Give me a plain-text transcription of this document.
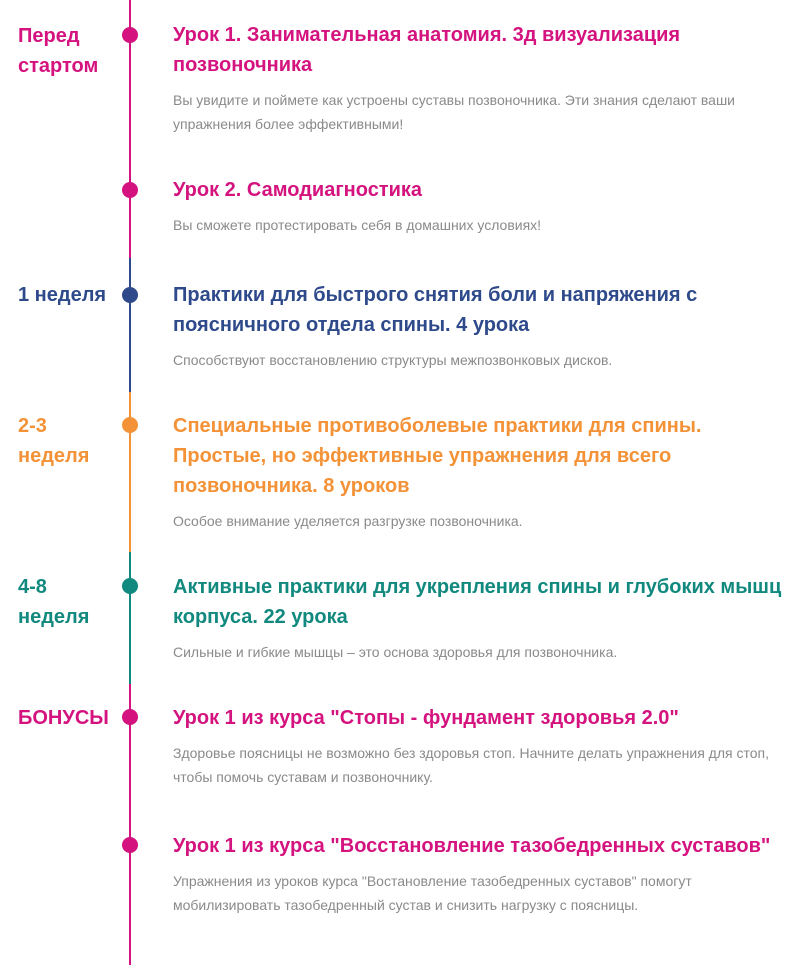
Перед стартом
1 неделя
2-3 неделя
4-8 неделя
БОНУСЫ

Урок 1. Занимательная анатомия. 3д визуализация позвоночника

Вы увидите и поймете как устроены суставы позвоночника. Эти знания сделают ваши упражнения более эффективными!

Урок 2. Самодиагностика

Вы сможете протестировать себя в домашних условиях!

Практики для быстрого снятия боли и напряжения с поясничного отдела спины. 4 урока

Способствуют восстановлению структуры межпозвонковых дисков.

Специальные противоболевые практики для спины. Простые, но эффективные упражнения для всего позвоночника. 8 уроков

Особое внимание уделяется разгрузке позвоночника.

Активные практики для укрепления спины и глубоких мышц корпуса. 22 урока

Сильные и гибкие мышцы – это основа здоровья для позвоночника.

Урок 1 из курса "Стопы - фундамент здоровья 2.0"

Здоровье поясницы не возможно без здоровья стоп. Начните делать упражнения для стоп, чтобы помочь суставам и позвоночнику.

Урок 1 из курса "Восстановление тазобедренных суставов"

Упражнения из уроков курса "Востановление тазобедренных суставов" помогут мобилизировать тазобедренный сустав и снизить нагрузку с поясницы.
